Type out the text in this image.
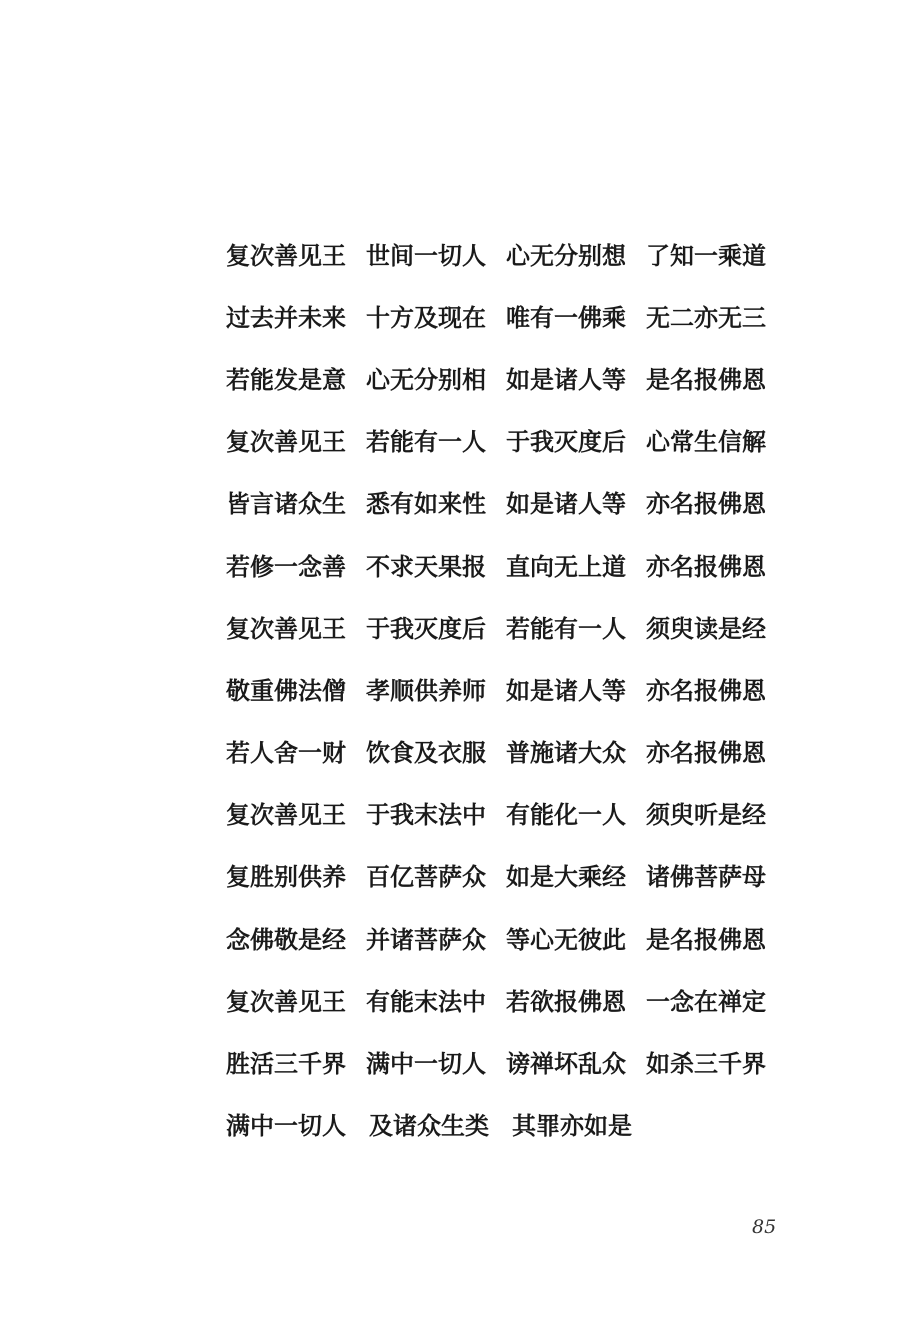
复次善见王 世间一切人 心无分别想 了知一乘道
过去并未来 十方及现在 唯有一佛乘 无二亦无三
若能发是意 心无分别相 如是诸人等 是名报佛恩
复次善见王 若能有一人 于我灭度后 心常生信解
皆言诸众生 悉有如来性 如是诸人等 亦名报佛恩
若修一念善 不求天果报 直向无上道 亦名报佛恩
复次善见王 于我灭度后 若能有一人 须臾读是经
敬重佛法僧 孝顺供养师 如是诸人等 亦名报佛恩
若人舍一财 饮食及衣服 普施诸大众 亦名报佛恩
复次善见王 于我末法中 有能化一人 须臾听是经
复胜别供养 百亿菩萨众 如是大乘经 诸佛菩萨母
念佛敬是经 并诸菩萨众 等心无彼此 是名报佛恩
复次善见王 有能末法中 若欲报佛恩 一念在禅定
胜活三千界 满中一切人 谤禅坏乱众 如杀三千界
满中一切人 及诸众生类 其罪亦如是
85
